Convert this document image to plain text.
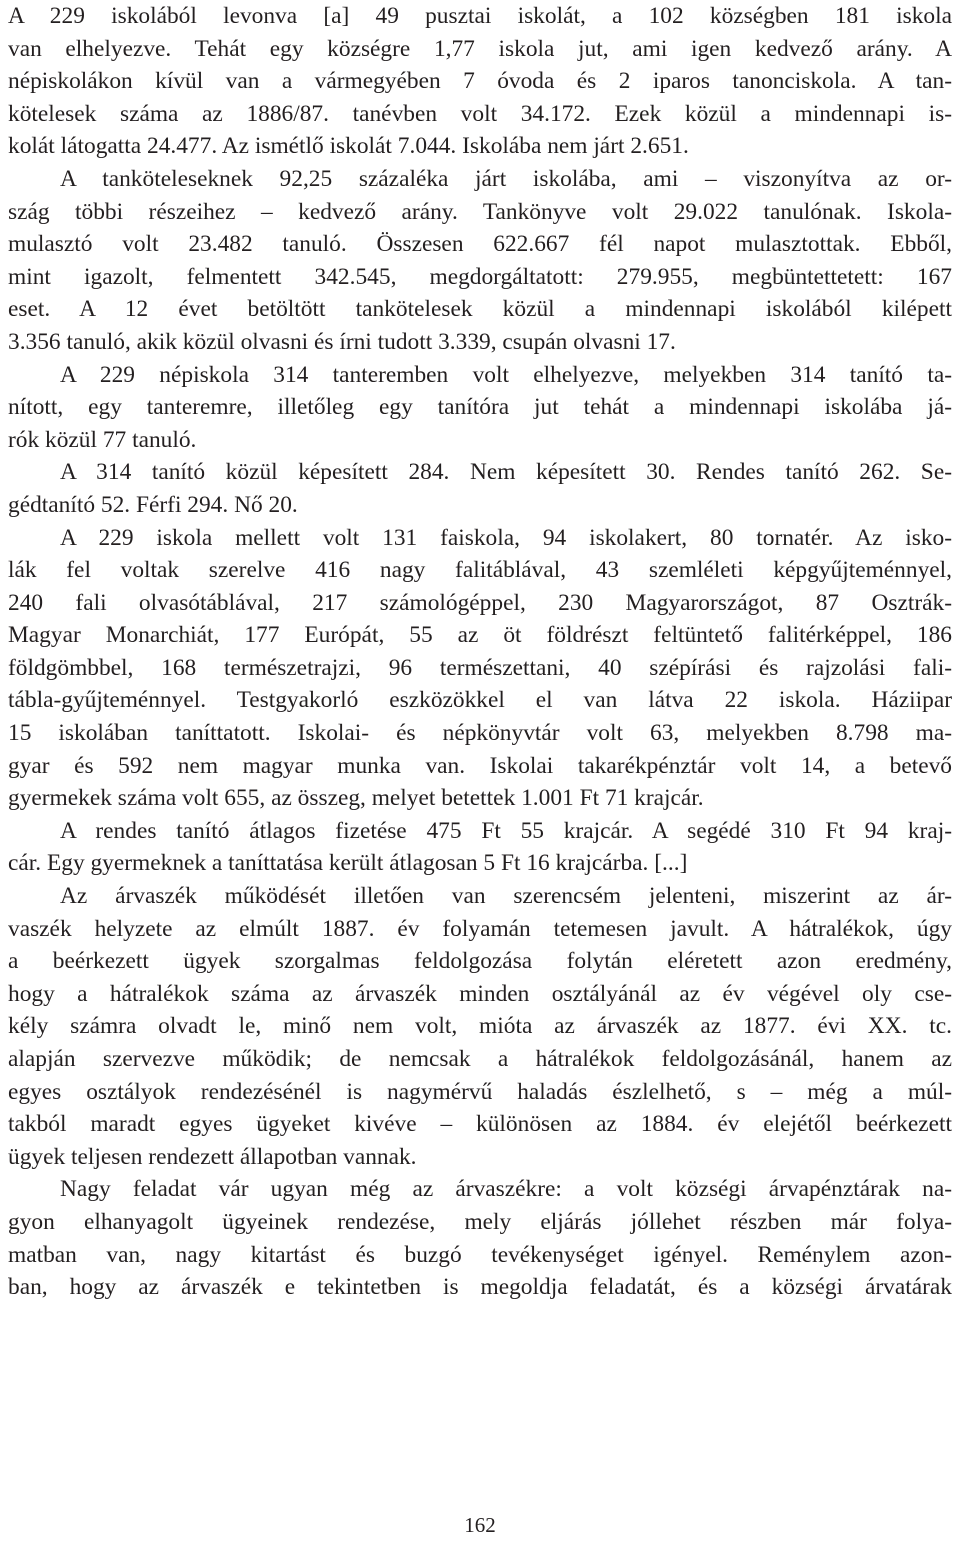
A 229 iskolából levonva [a] 49 pusztai iskolát, a 102 községben 181 iskola
van elhelyezve. Tehát egy községre 1,77 iskola jut, ami igen kedvező arány. A
népiskolákon kívül van a vármegyében 7 óvoda és 2 iparos tanonciskola. A tan-
kötelesek száma az 1886/87. tanévben volt 34.172. Ezek közül a mindennapi is-
kolát látogatta 24.477. Az ismétlő iskolát 7.044. Iskolába nem járt 2.651.
A tankötelеseknek 92,25 százaléka járt iskolába, ami – viszonyítva az or-
szág többi részeihez – kedvező arány. Tankönyve volt 29.022 tanulónak. Iskola-
mulasztó volt 23.482 tanuló. Összesen 622.667 fél napot mulasztottak. Ebből,
mint igazolt, felmentett 342.545, megdorgáltatott: 279.955, megbüntettetett: 167
eset. A 12 évet betöltött tankötelesek közül a mindennapi iskolából kilépett
3.356 tanuló, akik közül olvasni és írni tudott 3.339, csupán olvasni 17.
A 229 népiskola 314 tanteremben volt elhelyezve, melyekben 314 tanító ta-
nított, egy tanteremre, illetőleg egy tanítóra jut tehát a mindennapi iskolába já-
rók közül 77 tanuló.
A 314 tanító közül képesített 284. Nem képesített 30. Rendes tanító 262. Se-
gédtanító 52. Férfi 294. Nő 20.
A 229 iskola mellett volt 131 faiskola, 94 iskolakert, 80 tornatér. Az isko-
lák fel voltak szerelve 416 nagy falitáblával, 43 szemléleti képgyűjteménnyel,
240 fali olvasótáblával, 217 számológéppel, 230 Magyarországot, 87 Osztrák-
Magyar Monarchiát, 177 Európát, 55 az öt földrészt feltüntető falitérképpel, 186
földgömbbel, 168 természetrajzi, 96 természettani, 40 szépírási és rajzolási fali-
tábla-gyűjteménnyel. Testgyakorló eszközökkel el van látva 22 iskola. Háziipar
15 iskolában taníttatott. Iskolai- és népkönyvtár volt 63, melyekben 8.798 ma-
gyar és 592 nem magyar munka van. Iskolai takarékpénztár volt 14, a betevő
gyermekek száma volt 655, az összeg, melyet betettek 1.001 Ft 71 krajcár.
A rendes tanító átlagos fizetése 475 Ft 55 krajcár. A segédé 310 Ft 94 kraj-
cár. Egy gyermeknek a taníttatása került átlagosan 5 Ft 16 krajcárba. [...]
Az árvaszék működését illetően van szerencsém jelenteni, miszerint az ár-
vaszék helyzete az elmúlt 1887. év folyamán tetemesen javult. A hátralékok, úgy
a beérkezett ügyek szorgalmas feldolgozása folytán eléretett azon eredmény,
hogy a hátralékok száma az árvaszék minden osztályánál az év végével oly cse-
kély számra olvadt le, minő nem volt, mióta az árvaszék az 1877. évi XX. tc.
alapján szervezve működik; de nemcsak a hátralékok feldolgozásánál, hanem az
egyes osztályok rendezésénél is nagymérvű haladás észlelhető, s – még a múl-
takból maradt egyes ügyeket kivéve – különösen az 1884. év elejétől beérkezett
ügyek teljesen rendezett állapotban vannak.
Nagy feladat vár ugyan még az árvaszékre: a volt községi árvapénztárak na-
gyon elhanyagolt ügyeinek rendezése, mely eljárás jóllehet részben már folya-
matban van, nagy kitartást és buzgó tevékenységet igényel. Reménylem azon-
ban, hogy az árvaszék e tekintetben is megoldja feladatát, és a községi árvatárak
162
